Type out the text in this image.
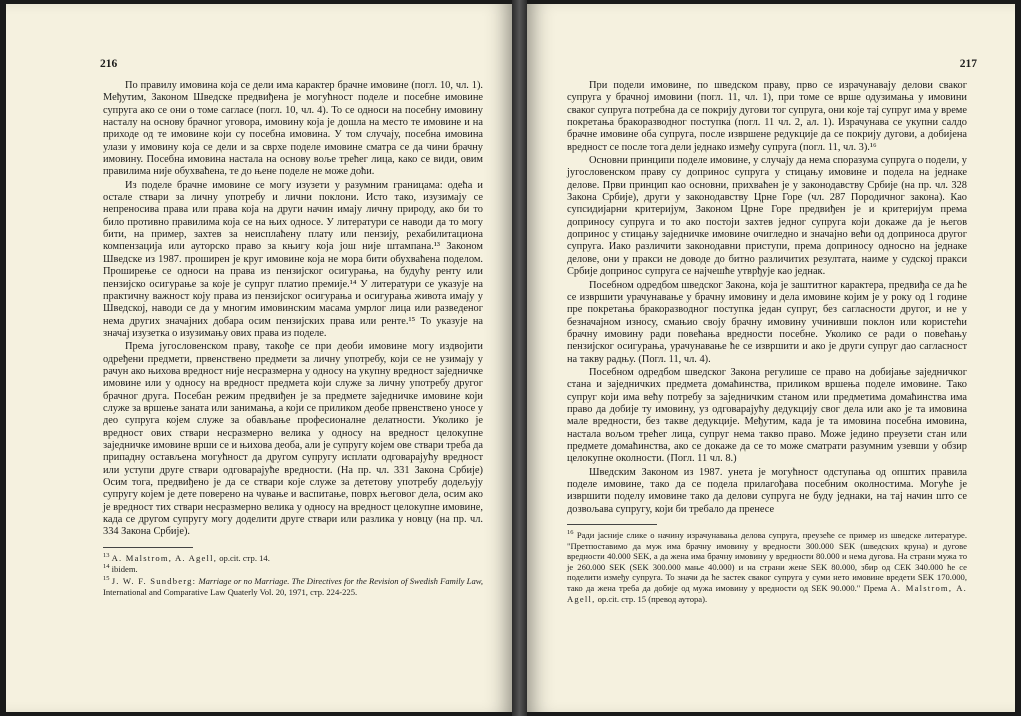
216

По правилу имовина која се дели има карактер брачне имовине (погл. 10, чл. 1). Међутим, Законом Шведске предвиђена је могућност поделе и посебне имовине супруга ако се они о томе сагласе (погл. 10, чл. 4). То се односи на посебну имовину насталу на основу брачног уговора, имовину која је дошла на место те имовине и на приходе од те имовине који су посебна имовина. У том случају, посебна имовина улази у имовину која се дели и за сврхе поделе имовине сматра се да чини брачну имовину. Посебна имовина настала на основу воље трећег лица, како се види, овим правилима није обухваћена, те до њене поделе не може доћи.

Из поделе брачне имовине се могу изузети у разумним границама: одећа и остале ствари за личну употребу и лични поклони. Исто тако, изузимају се непреносива права или права која на други начин имају личну природу, ако би то било противно правилима која се на њих односе. У литератури се наводи да то могу бити, на пример, захтев за неисплаћену плату или пензију, рехабилитациона компензација или ауторско право за књигу која још није штампана.¹³ Законом Шведске из 1987. проширен је круг имовине која не мора бити обухваћена поделом. Проширење се односи на права из пензијског осигурања, на будућу ренту или пензијско осигурање за које је супруг платио премије.¹⁴ У литератури се указује на практичну важност коју права из пензијског осигурања и осигурања живота имају у Шведској, наводи се да у многим имовинским масама умрлог лица или разведеног нема других значајних добара осим пензијских права или ренте.¹⁵ То указује на значај изузетка о изузимању ових права из поделе.

Према југословенском праву, такође се при деоби имовине могу издвојити одређени предмети, првенствено предмети за личну употребу, који се не узимају у рачун ако њихова вредност није несразмерна у односу на укупну вредност заједничке имовине или у односу на вредност предмета који служе за личну употребу другог брачног друга. Посебан режим предвиђен је за предмете заједничке имовине који служе за вршење заната или занимања, а који се приликом деобе првенствено уносе у део супруга којем служе за обављање професионалне делатности. Уколико је вредност ових ствари несразмерно велика у односу на вредност целокупне заједничке имовине врши се и њихова деоба, али је супругу којем ове ствари треба да припадну остављена могућност да другом супругу исплати одговарајућу вредност или уступи друге ствари одговарајуће вредности. (На пр. чл. 331 Закона Србије) Осим тога, предвиђено је да се ствари које служе за дететову употребу додељују супругу којем је дете поверено на чување и васпитање, поврх његовог дела, осим ако је вредност тих ствари несразмерно велика у односу на вредност целокупне имовине, када се другом супругу могу доделити друге ствари или разлика у новцу (на пр. чл. 334 Закона Србије).

$^{13}$ A. Malstrom, A. Agell, op.cit. стр. 14.
$^{14}$ ibidem.
$^{15}$ J. W. F. Sundberg: Marriage or no Marriage. The Directives for the Revision of Swedish Family Law, International and Comparative Law Quaterly Vol. 20, 1971, стр. 224-225.
217

При подели имовине, по шведском праву, прво се израчунавају делови сваког супруга у брачној имовини (погл. 11, чл. 1), при томе се врше одузимања у имовини сваког супруга потребна да се покрију дугови тог супруга, они које тај супруг има у време покретања бракоразводног поступка (погл. 11 чл. 2, ал. 1). Израчунава се укупни салдо брачне имовине оба супруга, после извршене редукције да се покрију дугови, а добијена вредност се после тога дели једнако између супруга (погл. 11, чл. 3).¹⁶

Основни принципи поделе имовине, у случају да нема споразума супруга о подели, у југословенском праву су допринос супруга у стицању имовине и подела на једнаке делове. Први принцип као основни, прихваћен је у законодавству Србије (на пр. чл. 328 Закона Србије), други у законодавству Црне Горе (чл. 287 Породичног закона). Као супсидијарни критеријум, Законом Црне Горе предвиђен је и критеријум према доприносу супруга и то ако постоји захтев једног супруга који докаже да је његов допринос у стицању заједничке имовине очигледно и значајно већи од доприноса другог супруга. Иако различити законодавни приступи, према доприносу односно на једнаке делове, они у пракси не доводе до битно различитих резултата, наиме у судској пракси Србије допринос супруга се најчешће утврђује као једнак.

Посебном одредбом шведског Закона, која је заштитног карактера, предвиђа се да ће се извршити урачунавање у брачну имовину и дела имовине којим је у року од 1 године пре покретања бракоразводног поступка један супруг, без сагласности другог, и не у безначајном износу, смањио своју брачну имовину учинивши поклон или користећи брачну имовину ради повећања вредности посебне. Уколико се ради о повећању пензијског осигурања, урачунавање ће се извршити и ако је други супруг дао сагласност на такву радњу. (Погл. 11, чл. 4).

Посебном одредбом шведског Закона регулише се право на добијање заједничког стана и заједничких предмета домаћинства, приликом вршења поделе имовине. Тако супруг који има већу потребу за заједничким станом или предметима домаћинства има право да добије ту имовину, уз одговарајућу дедукцију свог дела или ако је та имовина мале вредности, без такве дедукције. Међутим, када је та имовина посебна имовина, настала вољом трећег лица, супруг нема такво право. Може једино преузети стан или предмете домаћинства, ако се докаже да се то може сматрати разумним узевши у обзир целокупне околности. (Погл. 11 чл. 8.)

Шведским Законом из 1987. унета је могућност одступања од општих правила поделе имовине, тако да се подела прилагођава посебним околностима. Могуће је извршити поделу имовине тако да делови супруга не буду једнаки, на тај начин што се дозвољава супругу, који би требало да пренесе

$^{16}$ Ради јасније слике о начину израчунавања делова супруга, преузеће се пример из шведске литературе. "Претпоставимо да муж има брачну имовину у вредности 300.000 SEK (шведских круна) и дугове вредности 40.000 SEK, а да жена има брачну имовину у вредности 80.000 и нема дугова. На страни мужа то је 260.000 SEK (SEK 300.000 мање 40.000) и на страни жене SEK 80.000, збир од СЕК 340.000 ће се поделити између супруга. То значи да ће застек сваког супруга у суми нето имовине вредети SEK 170.000, тако да жена треба да добије од мужа имовину у вредности од SEK 90.000." Према A. Malstrom, A. Agell, op.cit. стр. 15 (превод аутора).
